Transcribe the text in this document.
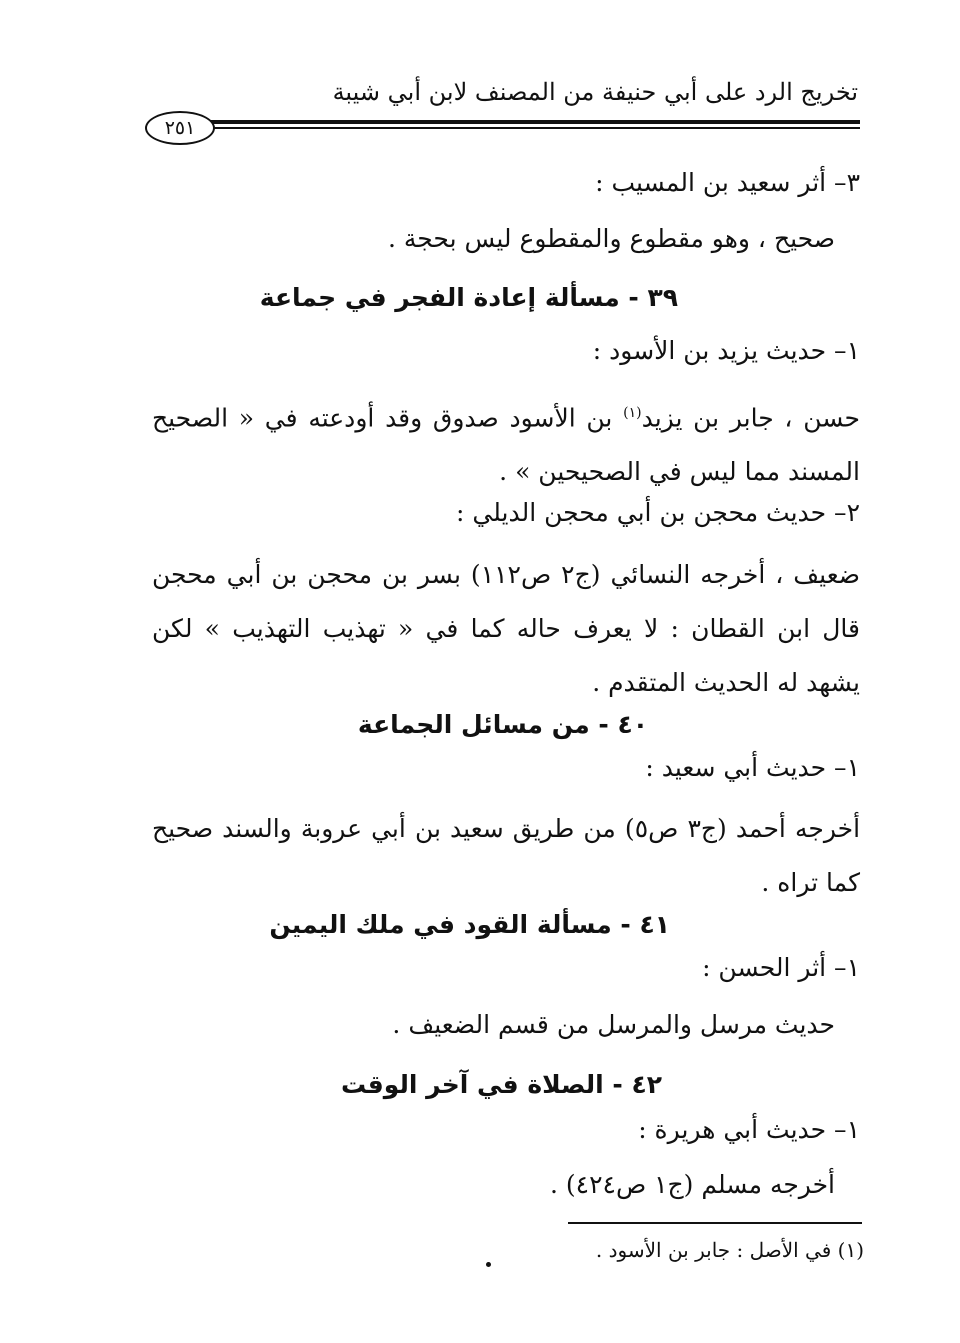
تخريج الرد على أبي حنيفة من المصنف لابن أبي شيبة
٢٥١
٣– أثر سعيد بن المسيب :
صحيح ، وهو مقطوع والمقطوع ليس بحجة .
٣٩ - مسألة إعادة الفجر في جماعة
١– حديث يزيد بن الأسود :
حسن ، جابر بن يزيد$^{(١)}$ بن الأسود صدوق وقد أودعته في « الصحيح المسند مما ليس في الصحيحين » .
٢– حديث محجن بن أبي محجن الديلي :
ضعيف ، أخرجه النسائي (ج٢ ص١١٢) بسر بن محجن بن أبي محجن قال ابن القطان : لا يعرف حاله كما في « تهذيب التهذيب » لكن يشهد له الحديث المتقدم .
٤٠ - من مسائل الجماعة
١– حديث أبي سعيد :
أخرجه أحمد (ج٣ ص٥) من طريق سعيد بن أبي عروبة والسند صحيح كما تراه .
٤١ - مسألة القود في ملك اليمين
١– أثر الحسن :
حديث مرسل والمرسل من قسم الضعيف .
٤٢ - الصلاة في آخر الوقت
١– حديث أبي هريرة :
أخرجه مسلم (ج١ ص٤٢٤) .
(١) في الأصل : جابر بن الأسود .
